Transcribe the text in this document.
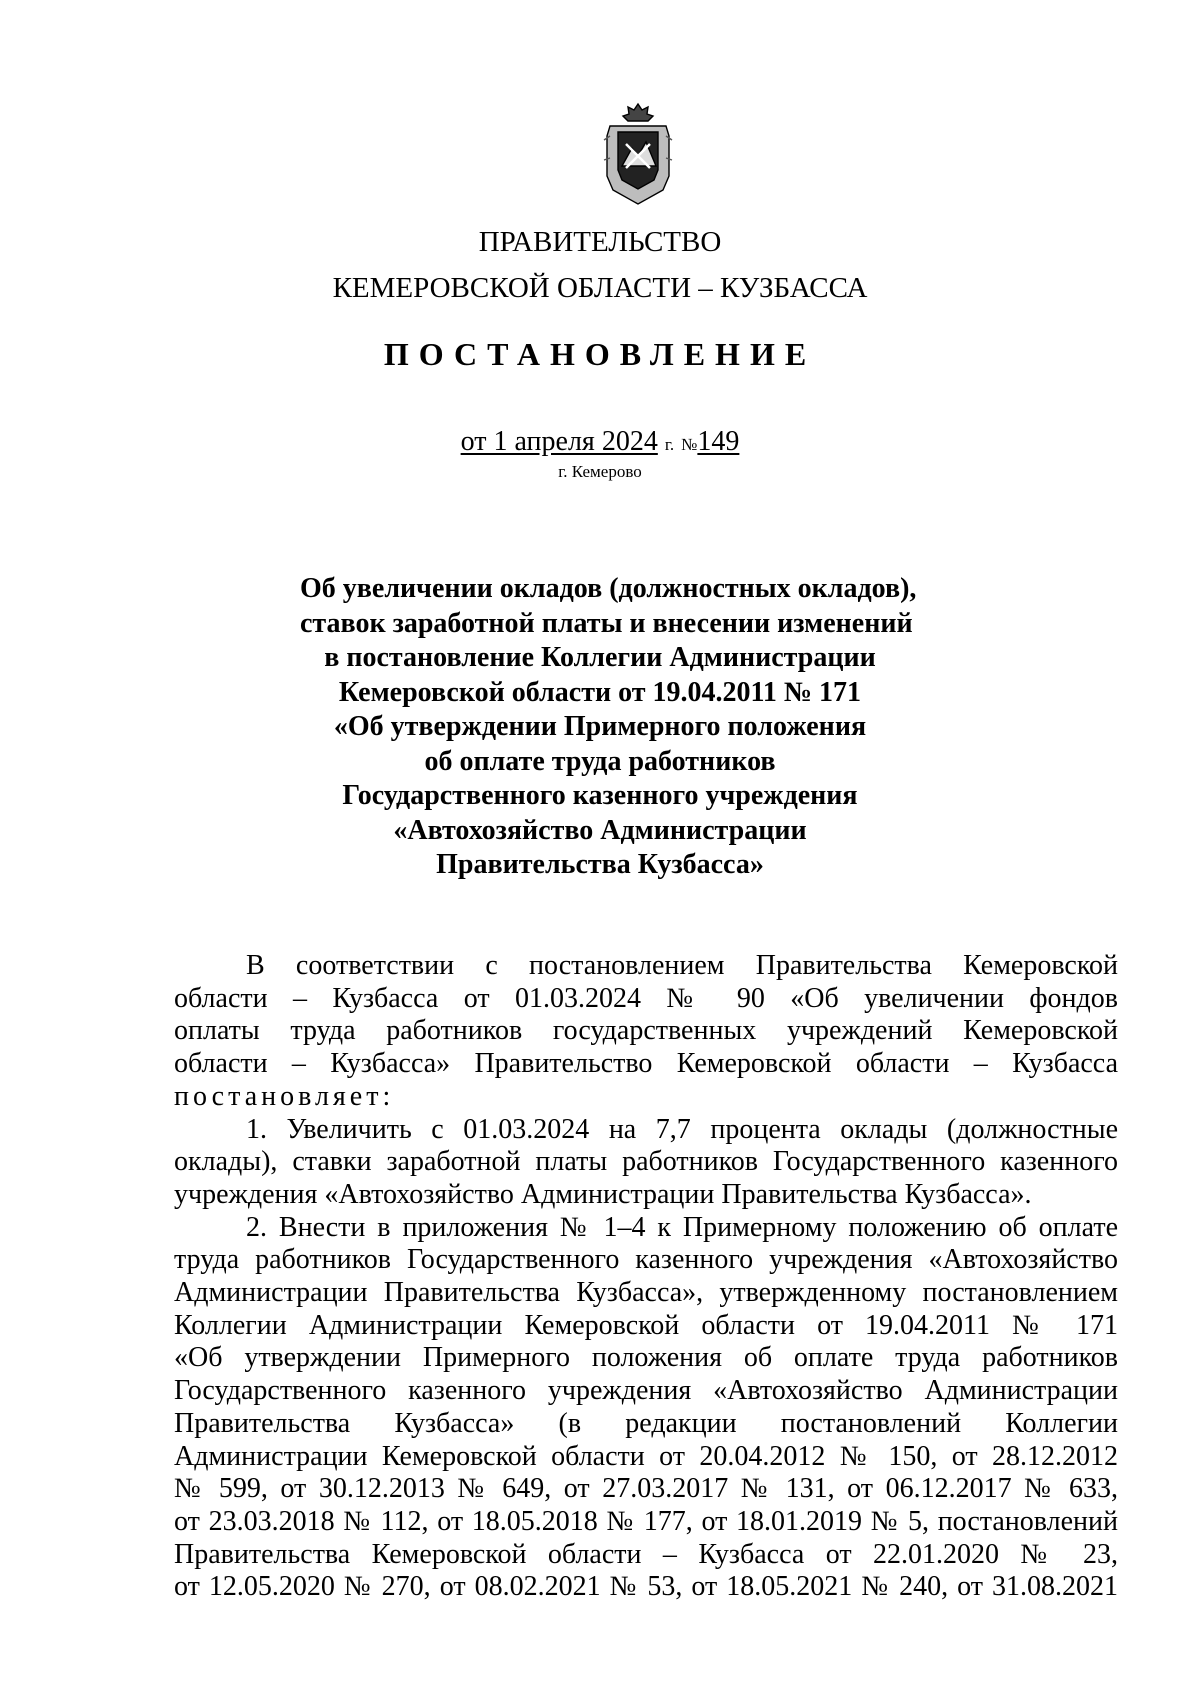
ПРАВИТЕЛЬСТВО
КЕМЕРОВСКОЙ ОБЛАСТИ – КУЗБАССА
ПОСТАНОВЛЕНИЕ
от 1 апреля 2024 г. №149
г. Кемерово
Об увеличении окладов (должностных окладов),
ставок заработной платы и внесении изменений
в постановление Коллегии Администрации
Кемеровской области от 19.04.2011 № 171
«Об утверждении Примерного положения
об оплате труда работников
Государственного казенного учреждения
«Автохозяйство Администрации
Правительства Кузбасса»
В соответствии с постановлением Правительства Кемеровской
области – Кузбасса от 01.03.2024 № 90 «Об увеличении фондов
оплаты труда работников государственных учреждений Кемеровской
области – Кузбасса» Правительство Кемеровской области – Кузбасса
постановляет:
1. Увеличить с 01.03.2024 на 7,7 процента оклады (должностные
оклады), ставки заработной платы работников Государственного казенного
учреждения «Автохозяйство Администрации Правительства Кузбасса».
2. Внести в приложения № 1–4 к Примерному положению об оплате
труда работников Государственного казенного учреждения «Автохозяйство
Администрации Правительства Кузбасса», утвержденному постановлением
Коллегии Администрации Кемеровской области от 19.04.2011 № 171
«Об утверждении Примерного положения об оплате труда работников
Государственного казенного учреждения «Автохозяйство Администрации
Правительства Кузбасса» (в редакции постановлений Коллегии
Администрации Кемеровской области от 20.04.2012 № 150, от 28.12.2012
№ 599, от 30.12.2013 № 649, от 27.03.2017 № 131, от 06.12.2017 № 633,
от 23.03.2018 № 112, от 18.05.2018 № 177, от 18.01.2019 № 5, постановлений
Правительства Кемеровской области – Кузбасса от 22.01.2020 № 23,
от 12.05.2020 № 270, от 08.02.2021 № 53, от 18.05.2021 № 240, от 31.08.2021
